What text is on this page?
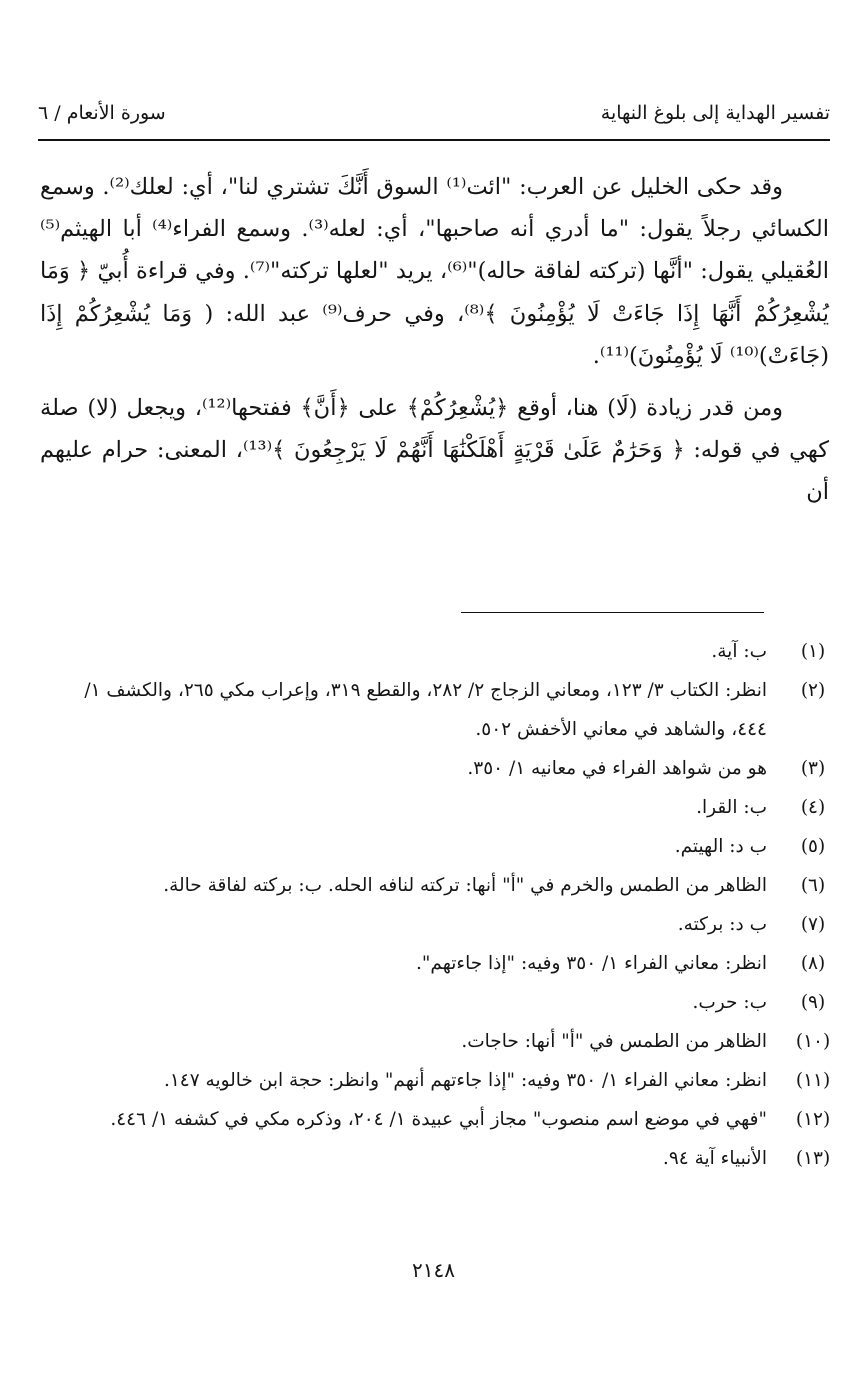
تفسير الهداية إلى بلوغ النهاية
سورة الأنعام / ٦

وقد حكى الخليل عن العرب: "ائت⁽¹⁾ السوق أَنَّكَ تشتري لنا"، أي: لعلك⁽²⁾. وسمع الكسائي رجلاً يقول: "ما أدري أنه صاحبها"، أي: لعله⁽³⁾. وسمع الفراء⁽⁴⁾ أبا الهيثم⁽⁵⁾ العُقيلي يقول: "أنَّها (تركته لفاقة حاله)"⁽⁶⁾، يريد "لعلها تركته"⁽⁷⁾. وفي قراءة أُبيّ ﴿ وَمَا يُشْعِرُكُمْ أَنَّهَا إِذَا جَاءَتْ لَا يُؤْمِنُونَ ﴾⁽⁸⁾، وفي حرف⁽⁹⁾ عبد الله: ( وَمَا يُشْعِرُكُمْ إِذَا (جَاءَتْ)⁽¹⁰⁾ لَا يُؤْمِنُونَ)⁽¹¹⁾.

ومن قدر زيادة (لَا) هنا، أوقع ﴿يُشْعِرُكُمْ﴾ على ﴿أَنَّ﴾ ففتحها⁽¹²⁾، ويجعل (لا) صلة كهي في قوله: ﴿ وَحَرَٰمٌ عَلَىٰ قَرْيَةٍ أَهْلَكْنَٰهَا أَنَّهُمْ لَا يَرْجِعُونَ ﴾⁽¹³⁾، المعنى: حرام عليهم أن

(١)
ب: آية.
(٢)
انظر: الكتاب ٣/ ١٢٣، ومعاني الزجاج ٢/ ٢٨٢، والقطع ٣١٩، وإعراب مكي ٢٦٥، والكشف ١/ ٤٤٤، والشاهد في معاني الأخفش ٥٠٢.
(٣)
هو من شواهد الفراء في معانيه ١/ ٣٥٠.
(٤)
ب: القرا.
(٥)
ب د: الهيتم.
(٦)
الظاهر من الطمس والخرم في "أ" أنها: تركته لنافه الحله. ب: بركته لفاقة حالة.
(٧)
ب د: بركته.
(٨)
انظر: معاني الفراء ١/ ٣٥٠ وفيه: "إذا جاءتهم".
(٩)
ب: حرب.
(١٠)
الظاهر من الطمس في "أ" أنها: حاجات.
(١١)
انظر: معاني الفراء ١/ ٣٥٠ وفيه: "إذا جاءتهم أنهم" وانظر: حجة ابن خالويه ١٤٧.
(١٢)
"فهي في موضع اسم منصوب" مجاز أبي عبيدة ١/ ٢٠٤، وذكره مكي في كشفه ١/ ٤٤٦.
(١٣)
الأنبياء آية ٩٤.
٢١٤٨
